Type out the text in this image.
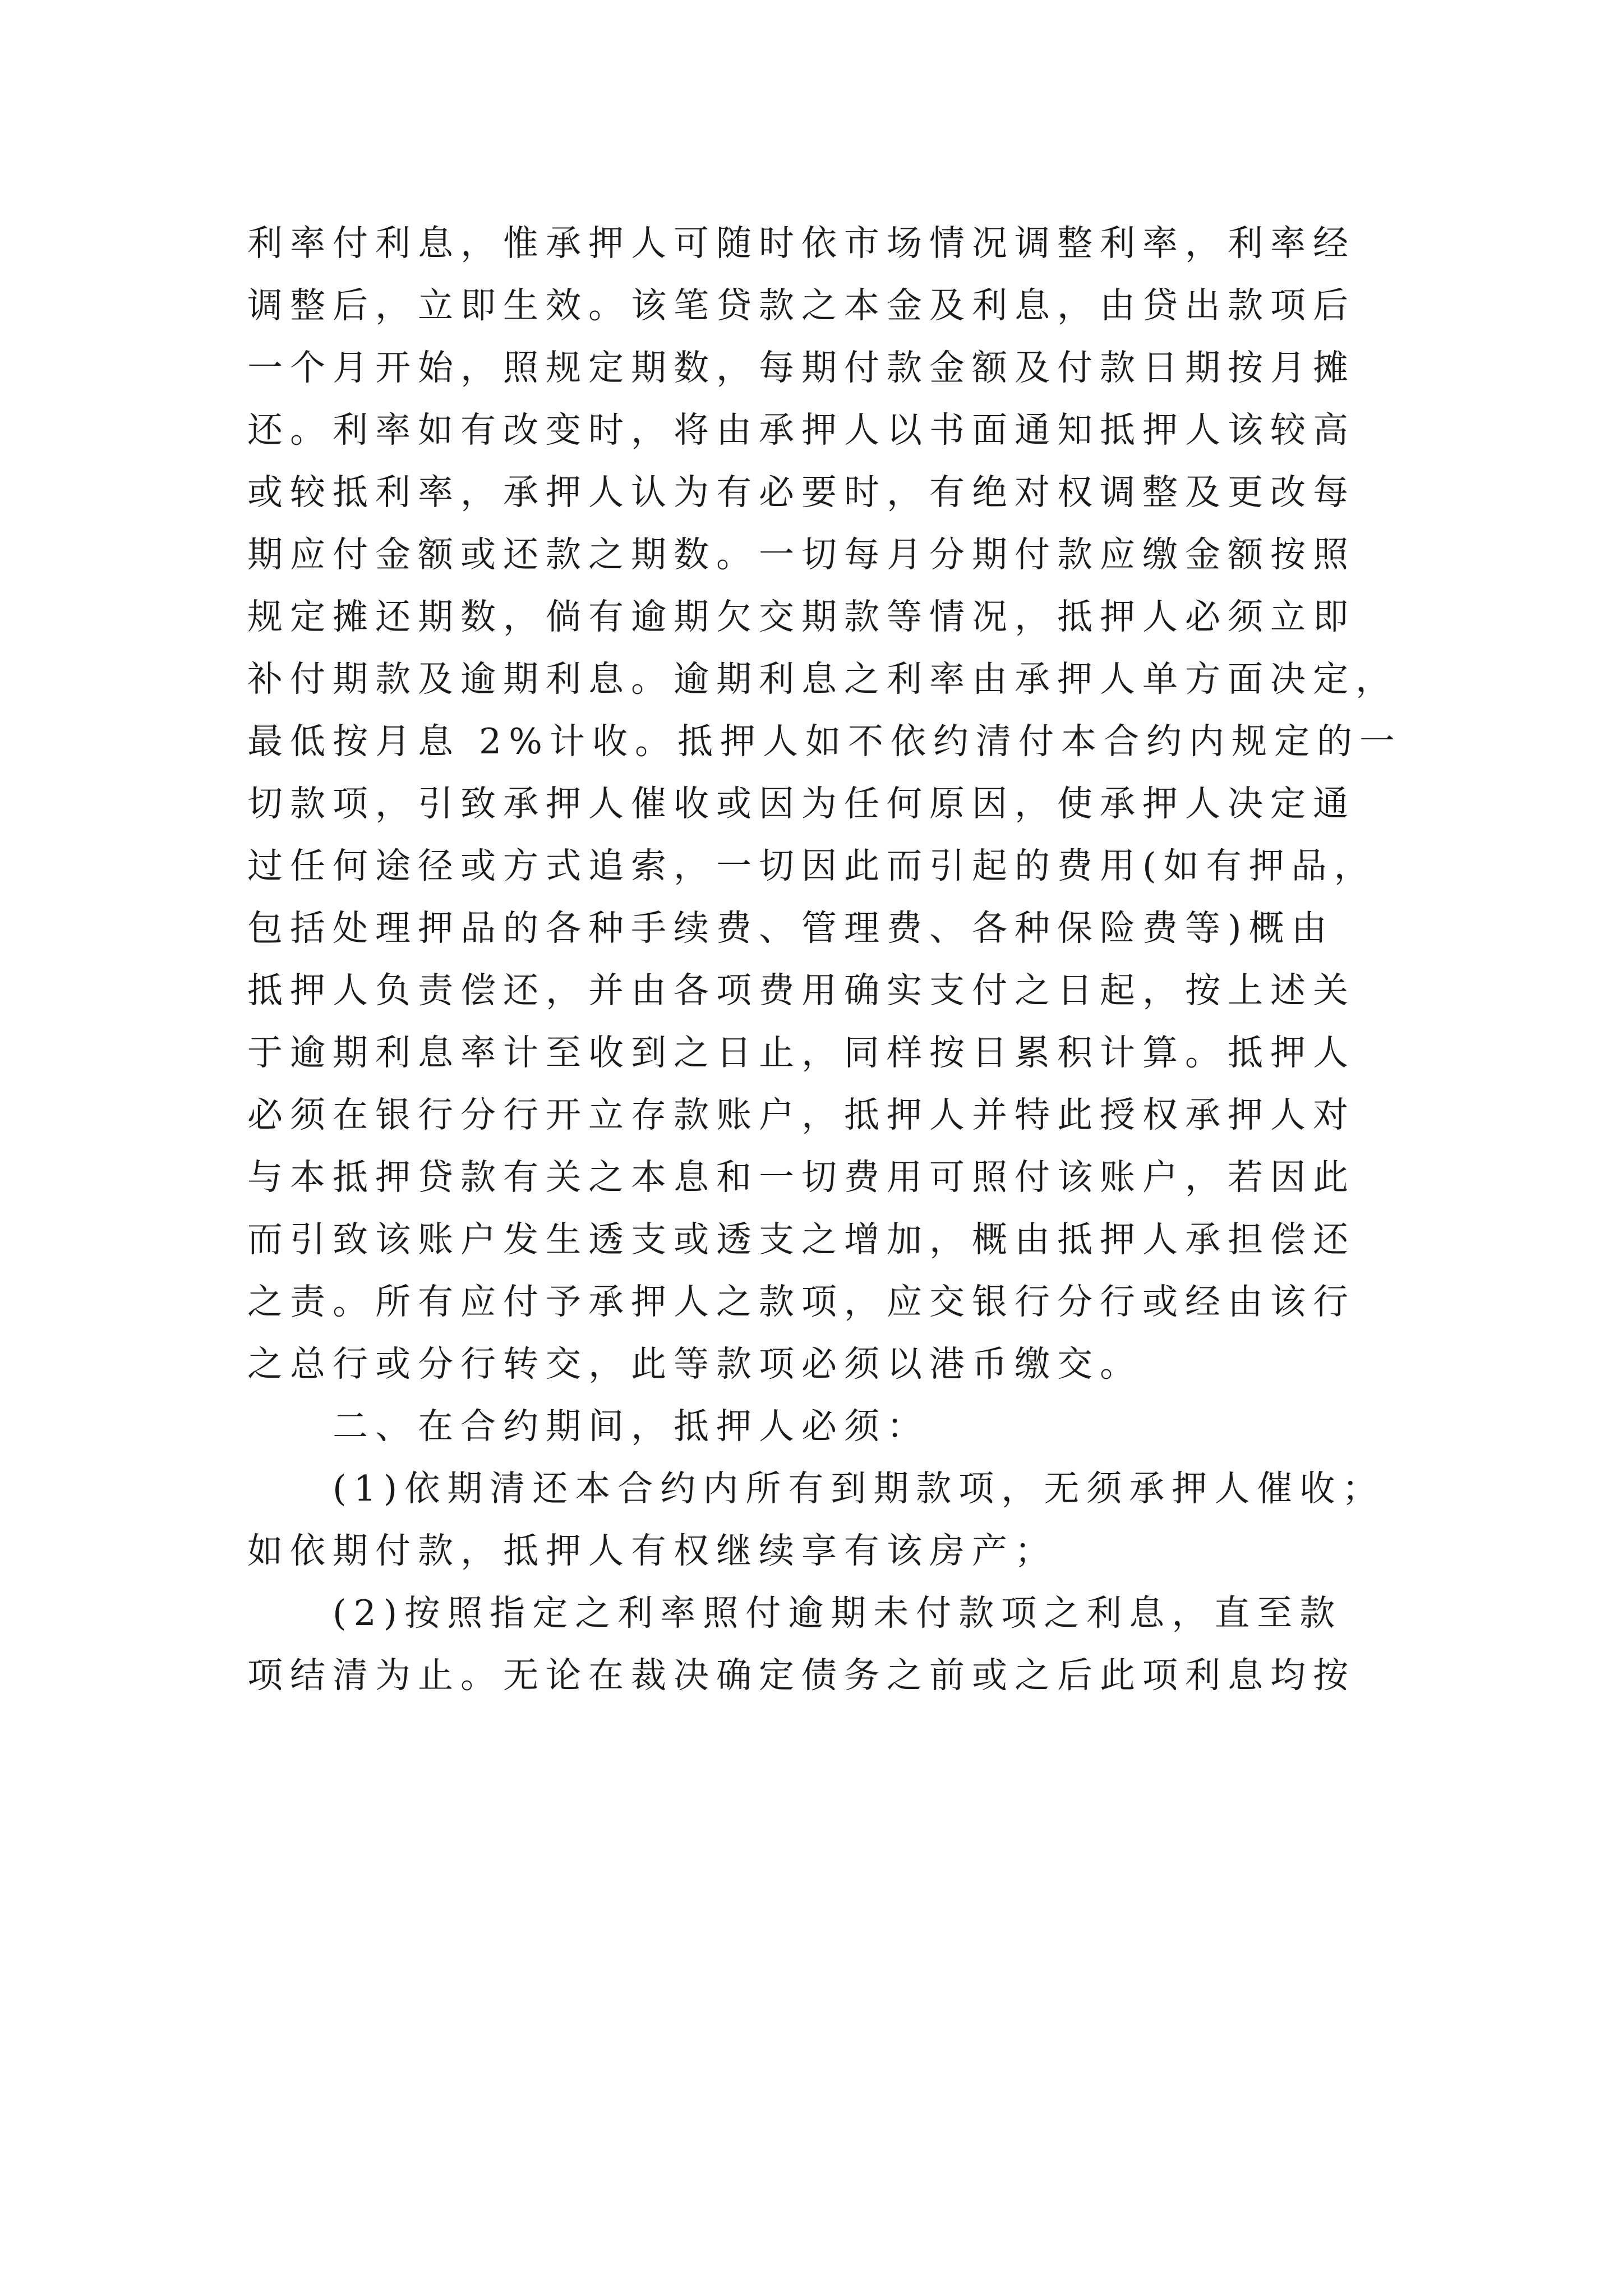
利率付利息，惟承押人可随时依市场情况调整利率，利率经
调整后，立即生效。该笔贷款之本金及利息，由贷出款项后
一个月开始，照规定期数，每期付款金额及付款日期按月摊
还。利率如有改变时，将由承押人以书面通知抵押人该较高
或较抵利率，承押人认为有必要时，有绝对权调整及更改每
期应付金额或还款之期数。一切每月分期付款应缴金额按照
规定摊还期数，倘有逾期欠交期款等情况，抵押人必须立即
补付期款及逾期利息。逾期利息之利率由承押人单方面决定，
最低按月息 2%计收。抵押人如不依约清付本合约内规定的一
切款项，引致承押人催收或因为任何原因，使承押人决定通
过任何途径或方式追索，一切因此而引起的费用(如有押品，
包括处理押品的各种手续费、管理费、各种保险费等)概由
抵押人负责偿还，并由各项费用确实支付之日起，按上述关
于逾期利息率计至收到之日止，同样按日累积计算。抵押人
必须在银行分行开立存款账户，抵押人并特此授权承押人对
与本抵押贷款有关之本息和一切费用可照付该账户，若因此
而引致该账户发生透支或透支之增加，概由抵押人承担偿还
之责。所有应付予承押人之款项，应交银行分行或经由该行
之总行或分行转交，此等款项必须以港币缴交。
二、在合约期间，抵押人必须：
(1)依期清还本合约内所有到期款项，无须承押人催收；
如依期付款，抵押人有权继续享有该房产；
(2)按照指定之利率照付逾期未付款项之利息，直至款
项结清为止。无论在裁决确定债务之前或之后此项利息均按
